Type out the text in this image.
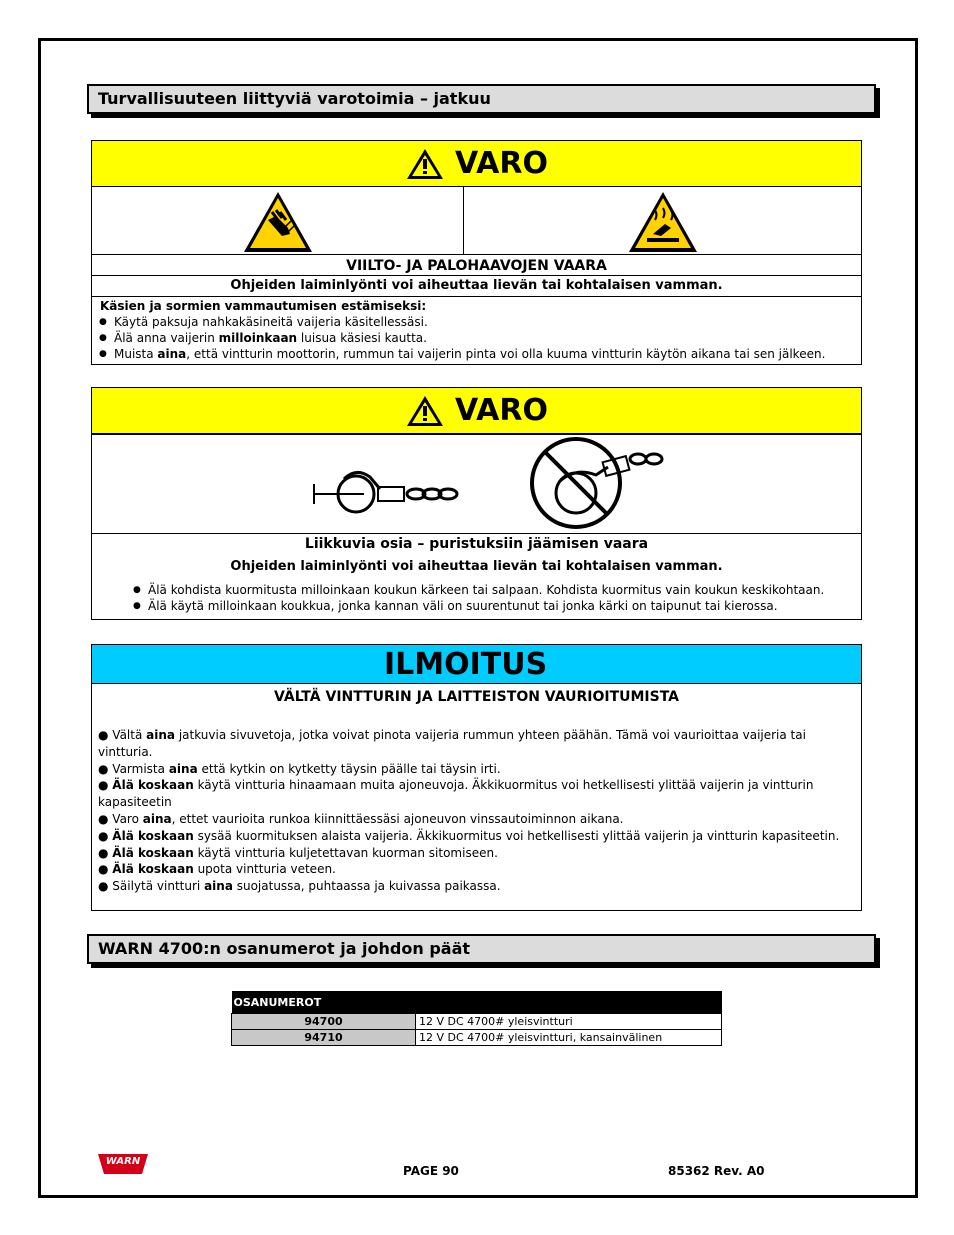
Turvallisuuteen liittyviä varotoimia – jatkuu
VARO
VIILTO- JA PALOHAAVOJEN VAARA
Ohjeiden laiminlyönti voi aiheuttaa lievän tai kohtalaisen vamman.
Käsien ja sormien vammautumisen estämiseksi:
● Käytä paksuja nahkakäsineitä vaijeria käsitellessäsi.
● Älä anna vaijerin milloinkaan luisua käsiesi kautta.
● Muista aina, että vintturin moottorin, rummun tai vaijerin pinta voi olla kuuma vintturin käytön aikana tai sen jälkeen.
VARO
Liikkuvia osia – puristuksiin jäämisen vaara
Ohjeiden laiminlyönti voi aiheuttaa lievän tai kohtalaisen vamman.
● Älä kohdista kuormitusta milloinkaan koukun kärkeen tai salpaan. Kohdista kuormitus vain koukun keskikohtaan.
● Älä käytä milloinkaan koukkua, jonka kannan väli on suurentunut tai jonka kärki on taipunut tai kierossa.
ILMOITUS
VÄLTÄ VINTTURIN JA LAITTEISTON VAURIOITUMISTA
● Vältä aina jatkuvia sivuvetoja, jotka voivat pinota vaijeria rummun yhteen päähän. Tämä voi vaurioittaa vaijeria tai vintturia.
● Varmista aina että kytkin on kytketty täysin päälle tai täysin irti.
● Älä koskaan käytä vintturia hinaamaan muita ajoneuvoja. Äkkikuormitus voi hetkellisesti ylittää vaijerin ja vintturin kapasiteetin
● Varo aina, ettet vaurioita runkoa kiinnittäessäsi ajoneuvon vinssautoiminnon aikana.
● Älä koskaan sysää kuormituksen alaista vaijeria. Äkkikuormitus voi hetkellisesti ylittää vaijerin ja vintturin kapasiteetin.
● Älä koskaan käytä vintturia kuljetettavan kuorman sitomiseen.
● Älä koskaan upota vintturia veteen.
● Säilytä vintturi aina suojatussa, puhtaassa ja kuivassa paikassa.
WARN 4700:n osanumerot ja johdon päät
OSANUMEROT	
94700	12 V DC 4700# yleisvintturi
94710	12 V DC 4700# yleisvintturi, kansainvälinen
WARN
PAGE 90	85362 Rev. A0
